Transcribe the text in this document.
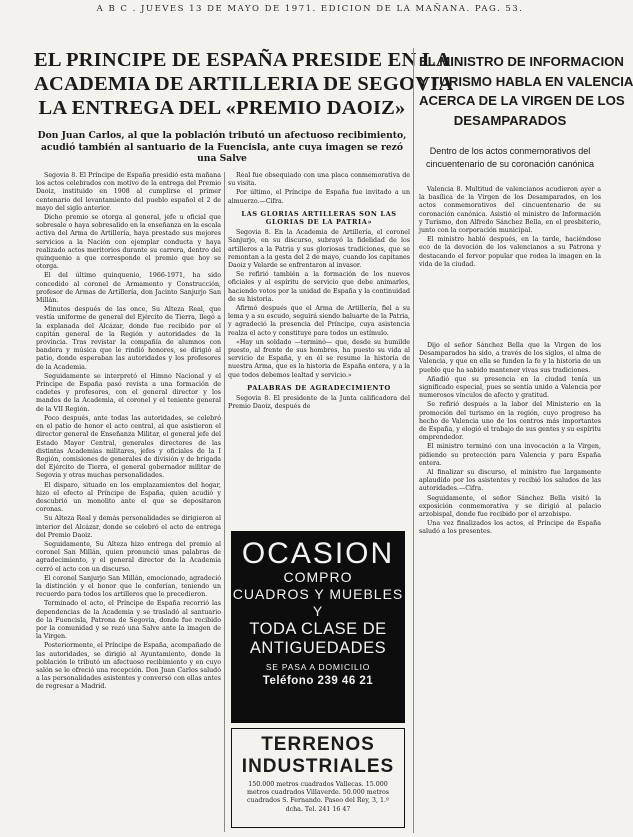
A B C . JUEVES 13 DE MAYO DE 1971. EDICION DE LA MAÑANA. PAG. 53.
EL PRINCIPE DE ESPAÑA PRESIDE EN LA
ACADEMIA DE ARTILLERIA DE SEGOVIA
LA ENTREGA DEL «PREMIO DAOIZ»
Don Juan Carlos, al que la población tributó un afectuoso recibimiento, acudió también al santuario de la Fuencisla, ante cuya imagen se rezó una Salve

Segovia 8. El Príncipe de España presidió esta mañana los actos celebrados con motivo de la entrega del Premio Daoiz, instituido en 1908 al cumplirse el primer centenario del levantamiento del pueblo español el 2 de mayo del siglo anterior.

Dicho premio se otorga al general, jefe u oficial que sobresale o haya sobresalido en la enseñanza en la escala activa del Arma de Artillería, haya prestado sus mejores servicios a la Nación con ejemplar conducta y haya realizado actos meritorios durante su carrera, dentro del quinquenio a que corresponde el premio que hoy se otorga.

El del último quinquenio, 1966-1971, ha sido concedido al coronel de Armamento y Construcción, profesor de Armas de Artillería, don Jacinto Sanjurjo San Millán.

Minutos después de las once, Su Alteza Real, que vestía uniforme de general del Ejército de Tierra, llegó a la explanada del Alcázar, donde fue recibido por el capitán general de la Región y autoridades de la provincia. Tras revistar la compañía de alumnos con bandera y música que le rindió honores, se dirigió al patio, donde esperaban las autoridades y los profesores de la Academia.

Seguidamente se interpretó el Himno Nacional y el Príncipe de España pasó revista a una formación de cadetes y profesores, con el general director y los mandos de la Academia, el coronel y el teniente general de la VII Región.

Poco después, ante todas las autoridades, se celebró en el patio de honor el acto central, al que asistieron el director general de Enseñanza Militar, el general jefe del Estado Mayor Central, generales directores de las distintas Academias militares, jefes y oficiales de la I Región, comisiones de generales de división y de brigada del Ejército de Tierra, el general gobernador militar de Segovia y otras muchas personalidades.

El disparo, situado en los emplazamientos del hogar, hizo el efecto al Príncipe de España, quien acudió y descubrió un monolito ante el que se depositaron coronas.

Su Alteza Real y demás personalidades se dirigieron al interior del Alcázar, donde se celebró el acto de entrega del Premio Daoiz.

Seguidamente, Su Alteza hizo entrega del premio al coronel San Millán, quien pronunció unas palabras de agradecimiento, y el general director de la Academia cerró el acto con un discurso.

El coronel Sanjurjo San Millán, emocionado, agradeció la distinción y el honor que le conferían, teniendo un recuerdo para todos los artilleros que le precedieron.

Terminado el acto, el Príncipe de España recorrió las dependencias de la Academia y se trasladó al santuario de la Fuencisla, Patrona de Segovia, donde fue recibido por la comunidad y se rezó una Salve ante la imagen de la Virgen.

Posteriormente, el Príncipe de España, acompañado de las autoridades, se dirigió al Ayuntamiento, donde la población le tributó un afectuoso recibimiento y en cuyo salón se le ofreció una recepción. Don Juan Carlos saludó a las personalidades asistentes y conversó con ellas antes de regresar a Madrid.

Real fue obsequiado con una placa conmemorativa de su visita.

Por último, el Príncipe de España fue invitado a un almuerzo.—Cifra.

LAS GLORIAS ARTILLERAS SON LAS GLORIAS DE LA PATRIA»

Segovia 8. En la Academia de Artillería, el coronel Sanjurjo, en su discurso, subrayó la fidelidad de los artilleros a la Patria y sus gloriosas tradiciones, que se remontan a la gesta del 2 de mayo, cuando los capitanes Daoiz y Velarde se enfrentaron al invasor.

Se refirió también a la formación de los nuevos oficiales y al espíritu de servicio que debe animarles, haciendo votos por la unidad de España y la continuidad de su historia.

Afirmó después que el Arma de Artillería, fiel a su lema y a su escudo, seguirá siendo baluarte de la Patria, y agradeció la presencia del Príncipe, cuya asistencia realza el acto y constituye para todos un estímulo.

«Hay un soldado —terminó— que, desde su humilde puesto, al frente de sus hombres, ha puesto su vida al servicio de España, y en él se resume la historia de nuestra Arma, que es la historia de España entera, y a la que todos debemos lealtad y servicio.»

PALABRAS DE AGRADECIMIENTO

Segovia 8. El presidente de la Junta calificadora del Premio Daoiz, después de

OCASION
COMPRO
CUADROS Y MUEBLES
Y
TODA CLASE DE
ANTIGUEDADES
SE PASA A DOMICILIO
Teléfono 239 46 21
TERRENOS
INDUSTRIALES
150.000 metros cuadrados Vallecas. 15.000 metros cuadrados Villaverde. 50.000 metros cuadrados S. Fernando. Paseo del Rey, 3, 1.º dcha. Tel. 241 16 47
EL MINISTRO DE INFORMACION
Y TURISMO HABLA EN VALENCIA
ACERCA DE LA VIRGEN DE LOS
DESAMPARADOS
Dentro de los actos conmemorativos del cincuentenario de su coronación canónica

Valencia 8. Multitud de valencianos acudieron ayer a la basílica de la Virgen de los Desamparados, en los actos conmemorativos del cincuentenario de su coronación canónica. Asistió el ministro de Información y Turismo, don Alfredo Sánchez Bella, en el presbiterio, junto con la corporación municipal.

El ministro habló después, en la tarde, haciéndose eco de la devoción de los valencianos a su Patrona y destacando el fervor popular que rodea la imagen en la vida de la ciudad.

Dijo el señor Sánchez Bella que la Virgen de los Desamparados ha sido, a través de los siglos, el alma de Valencia, y que en ella se funden la fe y la historia de un pueblo que ha sabido mantener vivas sus tradiciones.

Añadió que su presencia en la ciudad tenía un significado especial, pues se sentía unido a Valencia por numerosos vínculos de afecto y gratitud.

Se refirió después a la labor del Ministerio en la promoción del turismo en la región, cuyo progreso ha hecho de Valencia uno de los centros más importantes de España, y elogió el trabajo de sus gentes y su espíritu emprendedor.

El ministro terminó con una invocación a la Virgen, pidiendo su protección para Valencia y para España entera.

Al finalizar su discurso, el ministro fue largamente aplaudido por los asistentes y recibió los saludos de las autoridades.—Cifra.

Seguidamente, el señor Sánchez Bella visitó la exposición conmemorativa y se dirigió al palacio arzobispal, donde fue recibido por el arzobispo.

Una vez finalizados los actos, el Príncipe de España saludó a los presentes.
